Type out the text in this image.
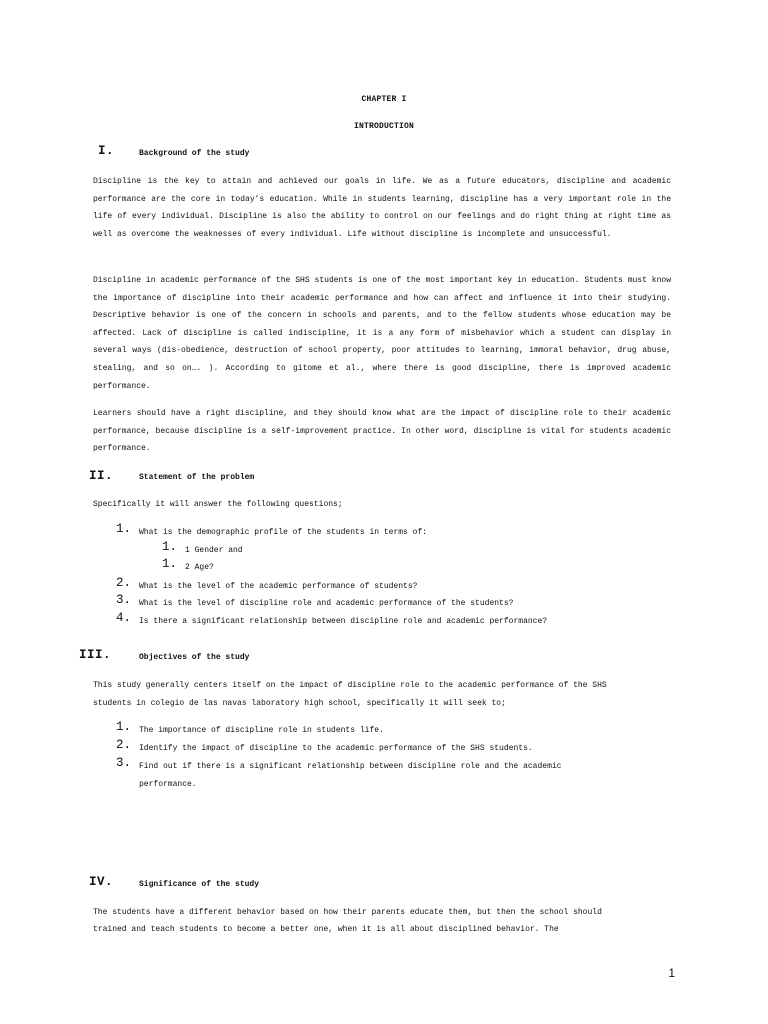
CHAPTER I
INTRODUCTION
I.	Background of the study

Discipline is the key to attain and achieved our goals in life. We as a future educators, discipline and academic performance are the core in today’s education. While in students learning, discipline has a very important role in the life of every individual. Discipline is also the ability to control on our feelings and do right thing at right time as well as overcome the weaknesses of every individual. Life without discipline is incomplete and unsuccessful.

Discipline in academic performance of the SHS students is one of the most important key in education. Students must know the importance of discipline into their academic performance and how can affect and influence it into their studying. Descriptive behavior is one of the concern in schools and parents, and to the fellow students whose education may be affected. Lack of discipline is called indiscipline, it is a any form of misbehavior which a student can display in several ways (dis-obedience, destruction of school property, poor attitudes to learning, immoral behavior, drug abuse, stealing, and so on…. ). According to gitome et al., where there is good discipline, there is improved academic performance.

Learners should have a right discipline, and they should know what are the impact of discipline role to their academic performance, because discipline is a self-improvement practice. In other word, discipline is vital for students academic performance.

II.	Statement of the problem
Specifically it will answer the following questions;
1. What is the demographic profile of the students in terms of:
1. 1 Gender and
1. 2 Age?
2. What is the level of the academic performance of students?
3. What is the level of discipline role and academic performance of the students?
4. Is there a significant relationship between discipline role and academic performance?
III.	Objectives of the study
This study generally centers itself on the impact of discipline role to the academic performance of the SHS
students in colegio de las navas laboratory high school, specifically it will seek to;
1. The importance of discipline role in students life.
2. Identify the impact of discipline to the academic performance of the SHS students.
3. Find out if there is a significant relationship between discipline role and the academic
performance.
IV.	Significance of the study
The students have a different behavior based on how their parents educate them, but then the school should
trained and teach students to become a better one, when it is all about disciplined behavior. The
1
